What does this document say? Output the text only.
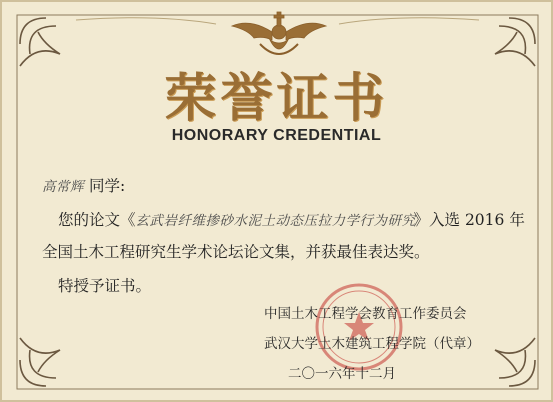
荣誉证书
HONORARY CREDENTIAL
高常辉 同学:
您的论文《玄武岩纤维掺砂水泥土动态压拉力学行为研究》入选 2016 年
全国土木工程研究生学术论坛论文集，并获最佳表达奖。
特授予证书。
中国土木工程学会教育工作委员会
武汉大学土木建筑工程学院（代章）
二〇一六年十二月
